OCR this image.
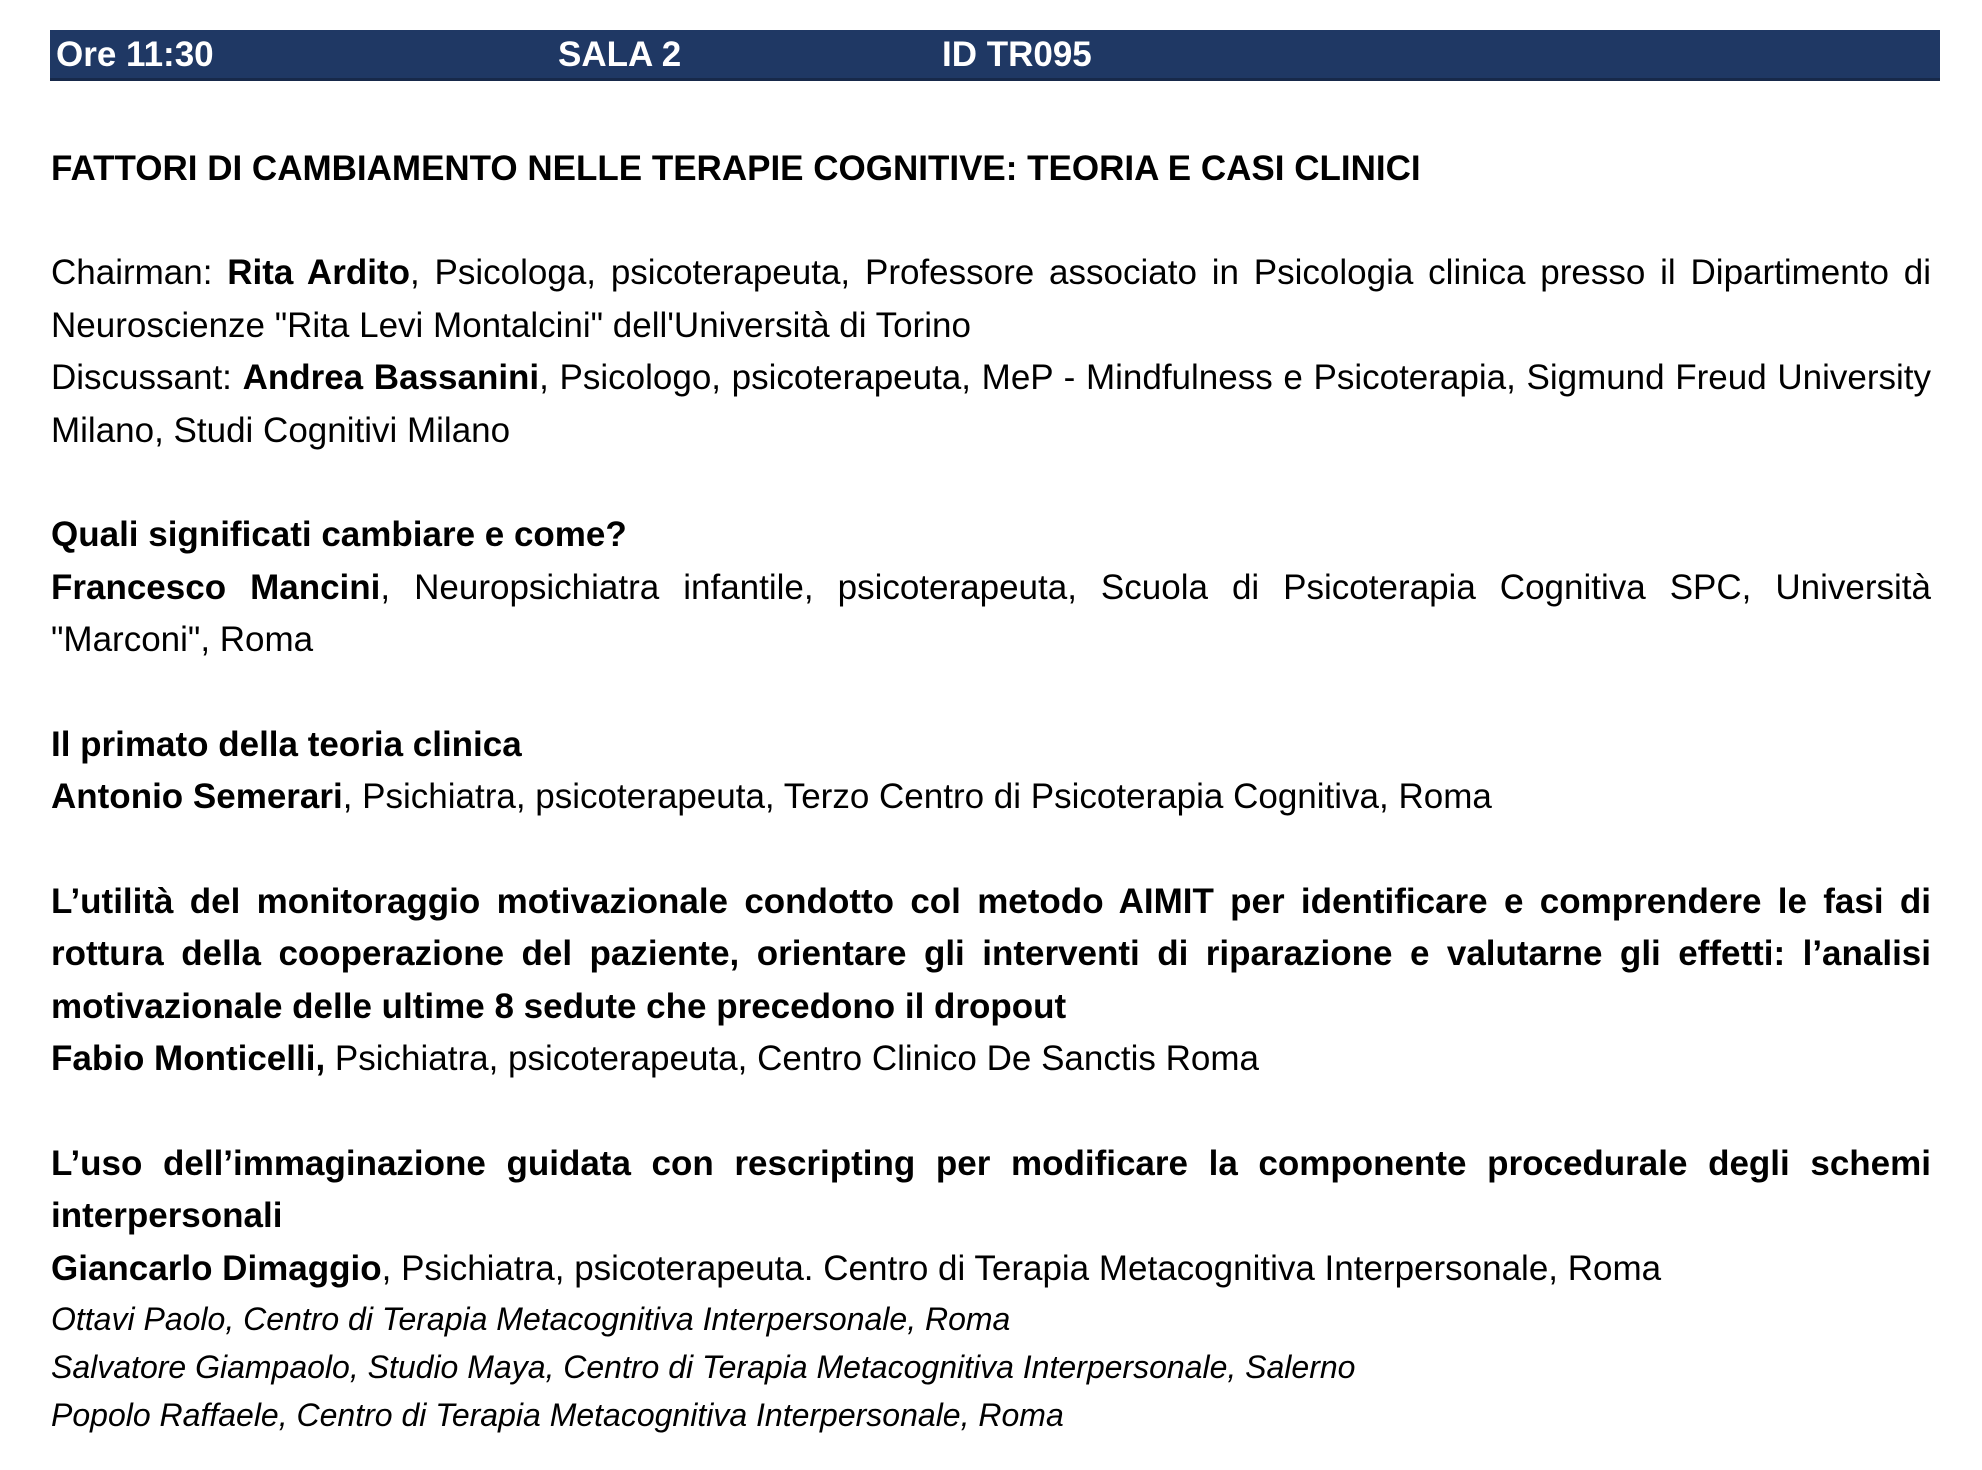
Ore 11:30	SALA 2	ID TR095
FATTORI DI CAMBIAMENTO NELLE TERAPIE COGNITIVE: TEORIA E CASI CLINICI
Chairman: Rita Ardito, Psicologa, psicoterapeuta, Professore associato in Psicologia clinica presso il Dipartimento di Neuroscienze "Rita Levi Montalcini" dell'Università di Torino
Discussant: Andrea Bassanini, Psicologo, psicoterapeuta, MeP - Mindfulness e Psicoterapia, Sigmund Freud University Milano, Studi Cognitivi Milano
Quali significati cambiare e come?
Francesco Mancini, Neuropsichiatra infantile, psicoterapeuta, Scuola di Psicoterapia Cognitiva SPC, Università "Marconi", Roma
Il primato della teoria clinica
Antonio Semerari, Psichiatra, psicoterapeuta, Terzo Centro di Psicoterapia Cognitiva, Roma
L’utilità del monitoraggio motivazionale condotto col metodo AIMIT per identificare e comprendere le fasi di rottura della cooperazione del paziente, orientare gli interventi di riparazione e valutarne gli effetti: l’analisi motivazionale delle ultime 8 sedute che precedono il dropout
Fabio Monticelli, Psichiatra, psicoterapeuta, Centro Clinico De Sanctis Roma
L’uso dell’immaginazione guidata con rescripting per modificare la componente procedurale degli schemi interpersonali
Giancarlo Dimaggio, Psichiatra, psicoterapeuta. Centro di Terapia Metacognitiva Interpersonale, Roma
Ottavi Paolo, Centro di Terapia Metacognitiva Interpersonale, Roma
Salvatore Giampaolo, Studio Maya, Centro di Terapia Metacognitiva Interpersonale, Salerno
Popolo Raffaele, Centro di Terapia Metacognitiva Interpersonale, Roma
